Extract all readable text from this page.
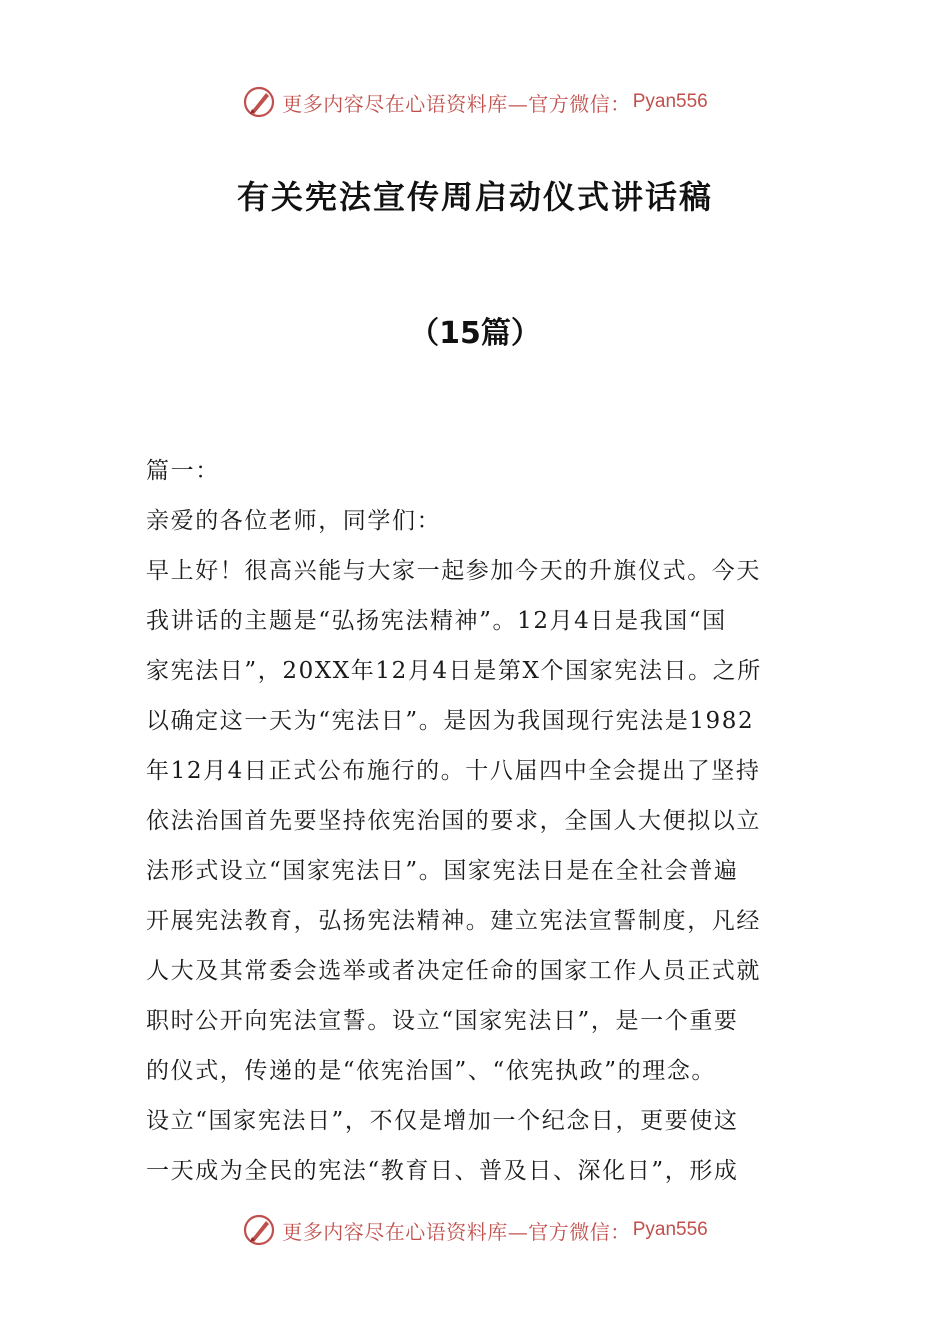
更多内容尽在心语资料库—官方微信： Pyan556
有关宪法宣传周启动仪式讲话稿
（15篇）

篇一：

亲爱的各位老师，同学们：

早上好！很高兴能与大家一起参加今天的升旗仪式。今天

我讲话的主题是“弘扬宪法精神”。12月4日是我国“国

家宪法日”，20XX年12月4日是第X个国家宪法日。之所

以确定这一天为“宪法日”。是因为我国现行宪法是1982

年12月4日正式公布施行的。十八届四中全会提出了坚持

依法治国首先要坚持依宪治国的要求，全国人大便拟以立

法形式设立“国家宪法日”。国家宪法日是在全社会普遍

开展宪法教育，弘扬宪法精神。建立宪法宣誓制度，凡经

人大及其常委会选举或者决定任命的国家工作人员正式就

职时公开向宪法宣誓。设立“国家宪法日”，是一个重要

的仪式，传递的是“依宪治国”、“依宪执政”的理念。

设立“国家宪法日”，不仅是增加一个纪念日，更要使这

一天成为全民的宪法“教育日、普及日、深化日”，形成

更多内容尽在心语资料库—官方微信： Pyan556
